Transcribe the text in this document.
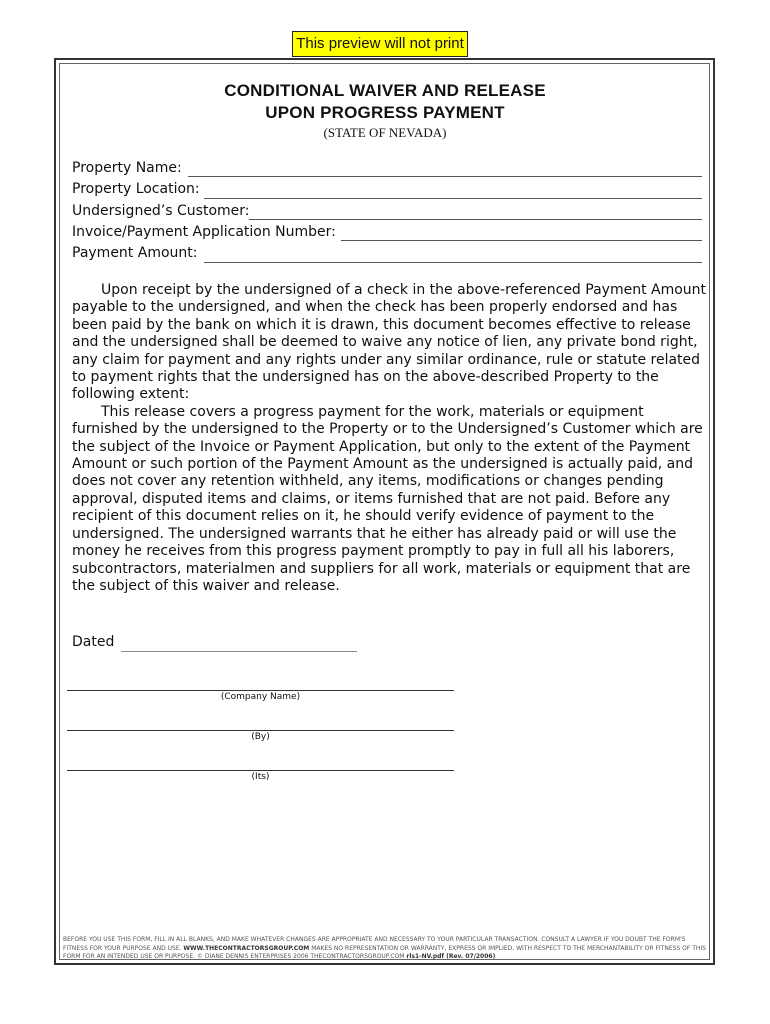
This preview will not print
CONDITIONAL WAIVER AND RELEASE
UPON PROGRESS PAYMENT
(STATE OF NEVADA)
Property Name:
Property Location:
Undersigned’s Customer:
Invoice/Payment Application Number:
Payment Amount:

Upon receipt by the undersigned of a check in the above-referenced Payment Amount payable to the undersigned, and when the check has been properly endorsed and has been paid by the bank on which it is drawn, this document becomes effective to release and the undersigned shall be deemed to waive any notice of lien, any private bond right, any claim for payment and any rights under any similar ordinance, rule or statute related to payment rights that the undersigned has on the above-described Property to the following extent:

This release covers a progress payment for the work, materials or equipment furnished by the undersigned to the Property or to the Undersigned’s Customer which are the subject of the Invoice or Payment Application, but only to the extent of the Payment Amount or such portion of the Payment Amount as the undersigned is actually paid, and does not cover any retention withheld, any items, modifications or changes pending approval, disputed items and claims, or items furnished that are not paid. Before any recipient of this document relies on it, he should verify evidence of payment to the undersigned. The undersigned warrants that he either has already paid or will use the money he receives from this progress payment promptly to pay in full all his laborers, subcontractors, materialmen and suppliers for all work, materials or equipment that are the subject of this waiver and release.

Dated
(Company Name)
(By)
(Its)
BEFORE YOU USE THIS FORM, FILL IN ALL BLANKS, AND MAKE WHATEVER CHANGES ARE APPROPRIATE AND NECESSARY TO YOUR PARTICULAR TRANSACTION. CONSULT A LAWYER IF YOU DOUBT THE FORM'S FITNESS FOR YOUR PURPOSE AND USE. WWW.THECONTRACTORSGROUP.COM MAKES NO REPRESENTATION OR WARRANTY, EXPRESS OR IMPLIED, WITH RESPECT TO THE MERCHANTABILITY OR FITNESS OF THIS FORM FOR AN INTENDED USE OR PURPOSE. © DIANE DENNIS ENTERPRISES 2006 THECONTRACTORSGROUP.COM rls1-NV.pdf (Rev. 07/2006)
